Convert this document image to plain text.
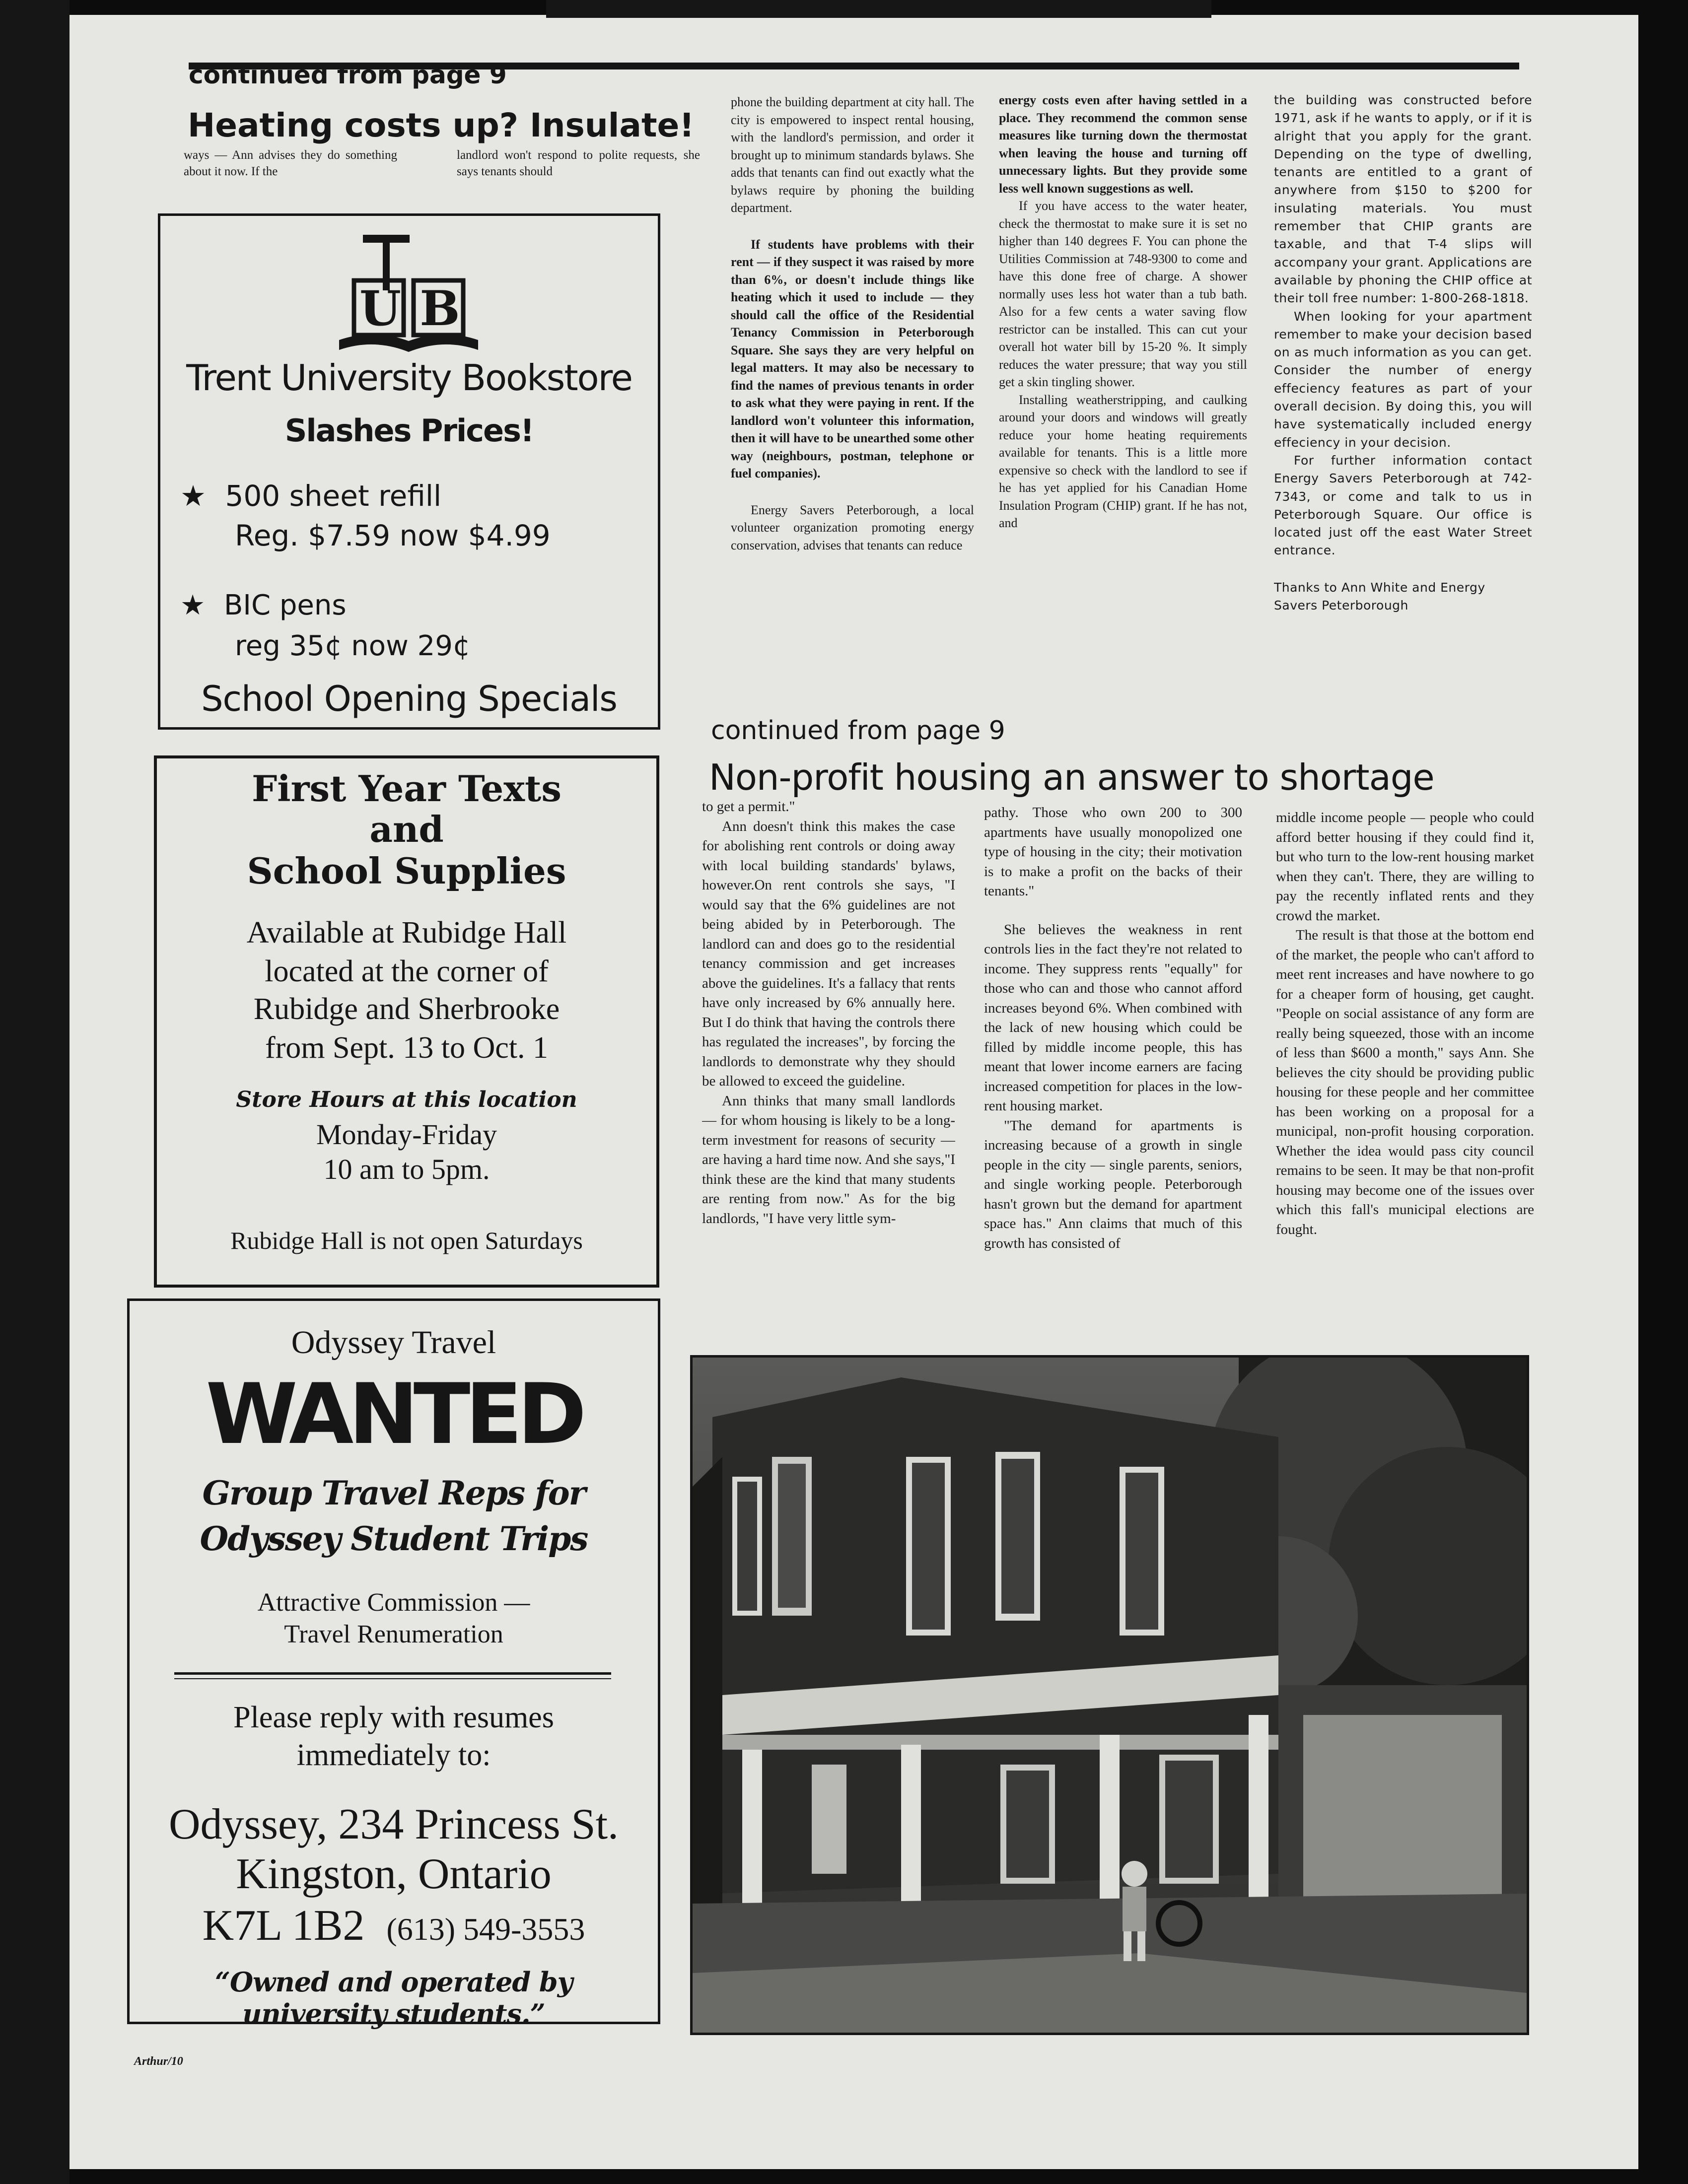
continued from page 9
Heating costs up? Insulate!
ways — Ann advises they do something about it now. If the
landlord won't respond to polite requests, she says tenants should

phone the building department at city hall. The city is empowered to inspect rental housing, with the landlord's permission, and order it brought up to minimum standards bylaws. She adds that tenants can find out exactly what the bylaws require by phoning the building department.

If students have problems with their rent — if they suspect it was raised by more than 6%, or doesn't include things like heating which it used to include — they should call the office of the Residential Tenancy Commission in Peterborough Square. She says they are very helpful on legal matters. It may also be necessary to find the names of previous tenants in order to ask what they were paying in rent. If the landlord won't volunteer this information, then it will have to be unearthed some other way (neighbours, postman, telephone or fuel companies).

Energy Savers Peterborough, a local volunteer organization promoting energy conservation, advises that tenants can reduce

energy costs even after having settled in a place. They recommend the common sense measures like turning down the thermostat when leaving the house and turning off unnecessary lights. But they provide some less well known suggestions as well.

If you have access to the water heater, check the thermostat to make sure it is set no higher than 140 degrees F. You can phone the Utilities Commission at 748-9300 to come and have this done free of charge. A shower normally uses less hot water than a tub bath. Also for a few cents a water saving flow restrictor can be installed. This can cut your overall hot water bill by 15-20 %. It simply reduces the water pressure; that way you still get a skin tingling shower.

Installing weatherstripping, and caulking around your doors and windows will greatly reduce your home heating requirements available for tenants. This is a little more expensive so check with the landlord to see if he has yet applied for his Canadian Home Insulation Program (CHIP) grant. If he has not, and

the building was constructed before 1971, ask if he wants to apply, or if it is alright that you apply for the grant. Depending on the type of dwelling, tenants are entitled to a grant of anywhere from $150 to $200 for insulating materials. You must remember that CHIP grants are taxable, and that T-4 slips will accompany your grant. Applications are available by phoning the CHIP office at their toll free number: 1-800-268-1818.

When looking for your apartment remember to make your decision based on as much information as you can get. Consider the number of energy effeciency features as part of your overall decision. By doing this, you will have systematically included energy effeciency in your decision.

For further information contact Energy Savers Peterborough at 742-7343, or come and talk to us in Peterborough Square. Our office is located just off the east Water Street entrance.

Thanks to Ann White and Energy Savers Peterborough

continued from page 9
Non-profit housing an answer to shortage

to get a permit."

Ann doesn't think this makes the case for abolishing rent controls or doing away with local building standards' bylaws, however.On rent controls she says, "I would say that the 6% guidelines are not being abided by in Peterborough. The landlord can and does go to the residential tenancy commission and get increases above the guidelines. It's a fallacy that rents have only increased by 6% annually here. But I do think that having the controls there has regulated the increases", by forcing the landlords to demonstrate why they should be allowed to exceed the guideline.

Ann thinks that many small landlords — for whom housing is likely to be a long-term investment for reasons of security — are having a hard time now. And she says,"I think these are the kind that many students are renting from now." As for the big landlords, "I have very little sym-

pathy. Those who own 200 to 300 apartments have usually monopolized one type of housing in the city; their motivation is to make a profit on the backs of their tenants."

She believes the weakness in rent controls lies in the fact they're not related to income. They suppress rents "equally" for those who can and those who cannot afford increases beyond 6%. When combined with the lack of new housing which could be filled by middle income people, this has meant that lower income earners are facing increased competition for places in the low-rent housing market.

"The demand for apartments is increasing because of a growth in single people in the city — single parents, seniors, and single working people. Peterborough hasn't grown but the demand for apartment space has." Ann claims that much of this growth has consisted of

middle income people — people who could afford better housing if they could find it, but who turn to the low-rent housing market when they can't. There, they are willing to pay the recently inflated rents and they crowd the market.

The result is that those at the bottom end of the market, the people who can't afford to meet rent increases and have nowhere to go for a cheaper form of housing, get caught. "People on social assistance of any form are really being squeezed, those with an income of less than $600 a month," says Ann. She believes the city should be providing public housing for these people and her committee has been working on a proposal for a municipal, non-profit housing corporation. Whether the idea would pass city council remains to be seen. It may be that non-profit housing may become one of the issues over which this fall's municipal elections are fought.

U B
Trent University Bookstore
Slashes Prices!
★ 500 sheet refill
Reg. $7.59 now $4.99
★ BIC pens
reg 35¢ now 29¢
School Opening Specials
First Year Texts
and
School Supplies
Available at Rubidge Hall
located at the corner of
Rubidge and Sherbrooke
from Sept. 13 to Oct. 1
Store Hours at this location
Monday-Friday
10 am to 5pm.
Rubidge Hall is not open Saturdays
Odyssey Travel
WANTED
Group Travel Reps for
Odyssey Student Trips
Attractive Commission —
Travel Renumeration
Please reply with resumes
immediately to:
Odyssey, 234 Princess St.
Kingston, Ontario
K7L 1B2 (613) 549-3553
“Owned and operated by
university students.”
Arthur/10
